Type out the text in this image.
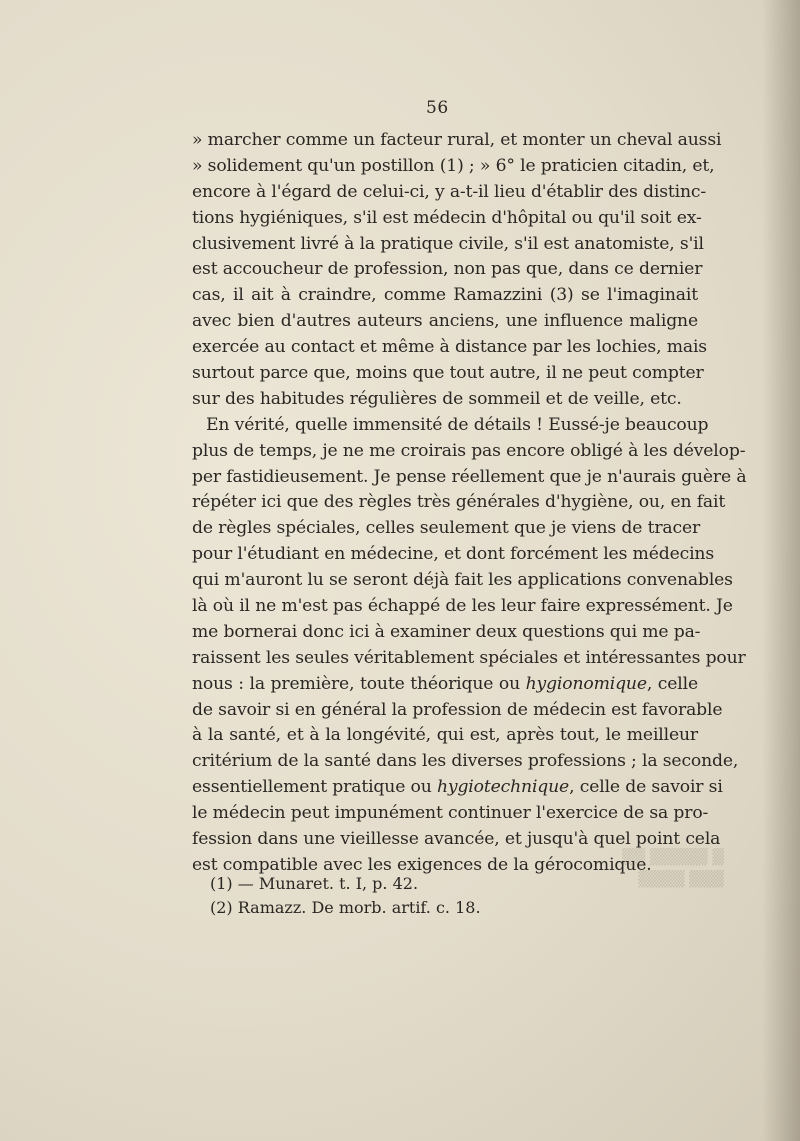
56
» marcher comme un facteur rural, et monter un cheval aussi
» solidement qu'un postillon (1) ; » 6° le praticien citadin, et,
encore à l'égard de celui-ci, y a-t-il lieu d'établir des distinc-
tions hygiéniques, s'il est médecin d'hôpital ou qu'il soit ex-
clusivement livré à la pratique civile, s'il est anatomiste, s'il
est accoucheur de profession, non pas que, dans ce dernier
cas, il ait à craindre, comme Ramazzini (3) se l'imaginait
avec bien d'autres auteurs anciens, une influence maligne
exercée au contact et même à distance par les lochies, mais
surtout parce que, moins que tout autre, il ne peut compter
sur des habitudes régulières de sommeil et de veille, etc.
En vérité, quelle immensité de détails ! Eussé-je beaucoup
plus de temps, je ne me croirais pas encore obligé à les dévelop-
per fastidieusement. Je pense réellement que je n'aurais guère à
répéter ici que des règles très générales d'hygiène, ou, en fait
de règles spéciales, celles seulement que je viens de tracer
pour l'étudiant en médecine, et dont forcément les médecins
qui m'auront lu se seront déjà fait les applications convenables
là où il ne m'est pas échappé de les leur faire expressément. Je
me bornerai donc ici à examiner deux questions qui me pa-
raissent les seules véritablement spéciales et intéressantes pour
nous : la première, toute théorique ou hygionomique, celle
de savoir si en général la profession de médecin est favorable
à la santé, et à la longévité, qui est, après tout, le meilleur
critérium de la santé dans les diverses professions ; la seconde,
essentiellement pratique ou hygiotechnique, celle de savoir si
le médecin peut impunément continuer l'exercice de sa pro-
fession dans une vieillesse avancée, et jusqu'à quel point cela
est compatible avec les exigences de la gérocomique.
(1) — Munaret. t. I, p. 42.
(2) Ramazz. De morb. artif. c. 18.
▒ ▒▒▒▒▒ ▒▒
▒▒▒ ▒▒▒▒
